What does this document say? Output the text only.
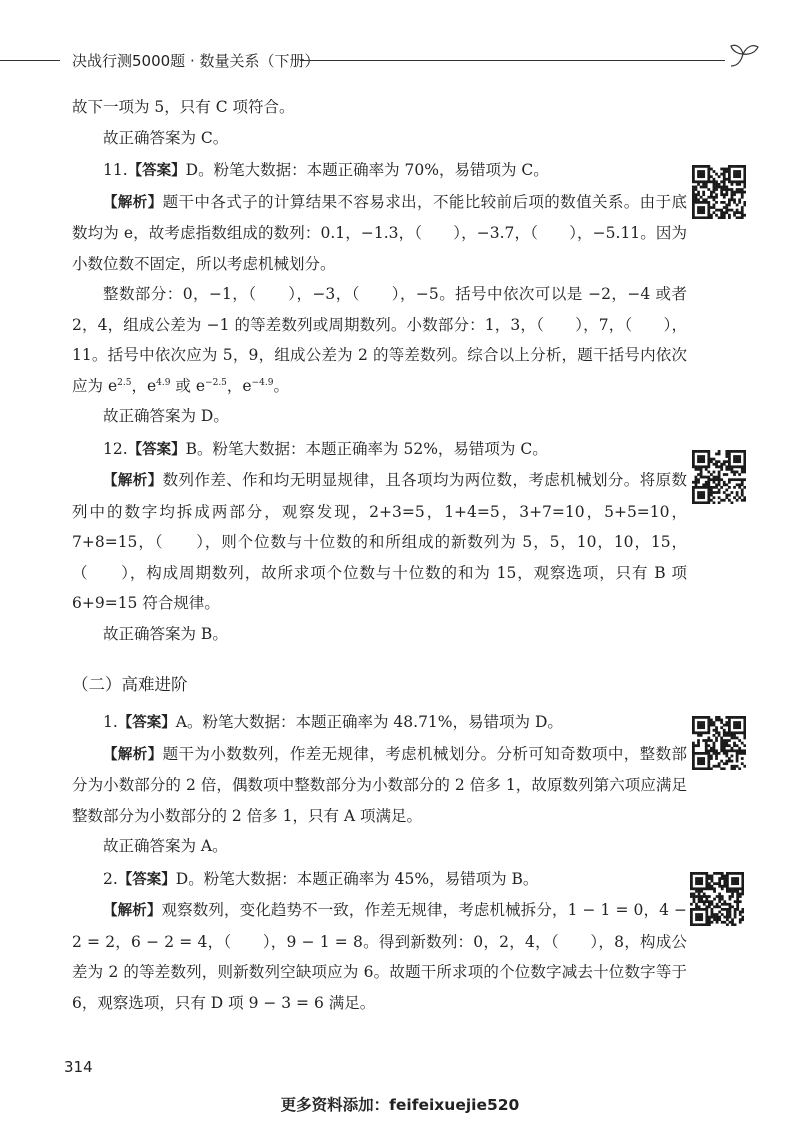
决战行测5000题 · 数量关系（下册）
故下一项为 5，只有 C 项符合。
故正确答案为 C。
11.【答案】D。粉笔大数据：本题正确率为 70%，易错项为 C。
【解析】题干中各式子的计算结果不容易求出，不能比较前后项的数值关系。由于底数均为 e，故考虑指数组成的数列：0.1，−1.3，（　　），−3.7，（　　），−5.11。因为小数位数不固定，所以考虑机械划分。
整数部分：0，−1，（　　），−3，（　　），−5。括号中依次可以是 −2，−4 或者 2，4，组成公差为 −1 的等差数列或周期数列。小数部分：1，3，（　　），7，（　　），11。括号中依次应为 5，9，组成公差为 2 的等差数列。综合以上分析，题干括号内依次应为 $e^{2.5}$，$e^{4.9}$ 或 $e^{-2.5}$，$e^{-4.9}$。
故正确答案为 D。
12.【答案】B。粉笔大数据：本题正确率为 52%，易错项为 C。
【解析】数列作差、作和均无明显规律，且各项均为两位数，考虑机械划分。将原数列中的数字均拆成两部分，观察发现，2+3=5，1+4=5，3+7=10，5+5=10，7+8=15，（　　），则个位数与十位数的和所组成的新数列为 5，5，10，10，15，（　　），构成周期数列，故所求项个位数与十位数的和为 15，观察选项，只有 B 项 6+9=15 符合规律。
故正确答案为 B。
（二）高难进阶
1.【答案】A。粉笔大数据：本题正确率为 48.71%，易错项为 D。
【解析】题干为小数数列，作差无规律，考虑机械划分。分析可知奇数项中，整数部分为小数部分的 2 倍，偶数项中整数部分为小数部分的 2 倍多 1，故原数列第六项应满足整数部分为小数部分的 2 倍多 1，只有 A 项满足。
故正确答案为 A。
2.【答案】D。粉笔大数据：本题正确率为 45%，易错项为 B。
【解析】观察数列，变化趋势不一致，作差无规律，考虑机械拆分，1 − 1 = 0，4 − 2 = 2，6 − 2 = 4，（　　），9 − 1 = 8。得到新数列：0，2，4，（　　），8，构成公差为 2 的等差数列，则新数列空缺项应为 6。故题干所求项的个位数字减去十位数字等于 6，观察选项，只有 D 项 9 − 3 = 6 满足。
314
更多资料添加：feifeixuejie520
